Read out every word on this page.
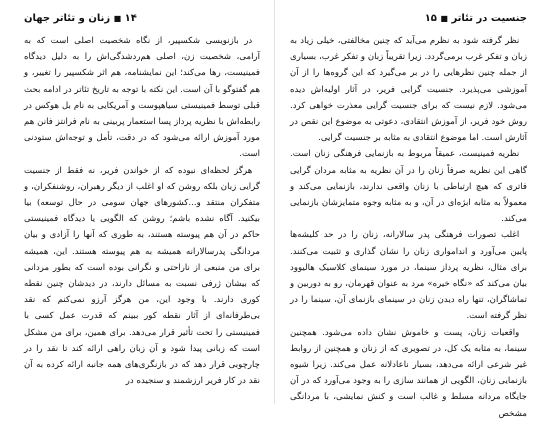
۱۴ ■ زنان و تئاتر جهان

در بازنویسی شکسپیر، از نگاه شخصیت اصلی است که به آرامی، شخصیت زن، اصلی هم‌ردشدگی‌اش را به دلیل دیدگاه فمینیست، رها می‌کند؛ این نمایشنامه، هم اثر شکسپیر را تغییر، و هم گفتوگو با آن است. این نکته با توجه به تاریخ تئاتر در ادامه بحث قبلی توسط فمینیستی سیاهپوست و آمریکایی به نام بل هوکس در رابطه‌اش با نظریه پرداز پسا استعمار پربینی به نام فرانتز فانن هم مورد آموزش ارائه می‌شود که در دقت، تأمل و توجه‌اش ستودنی است.

هرگز لحظه‌ای نبوده که از خواندن فریر، نه فقط از جنسیت گرایی زبان بلکه روشن که او اغلب از دیگر رهبران، روشنفکران، و متفکران منتقد و...کشورهای جهان سومی در حال توسعه) بیا بیکنید. آگاه نشده باشم؛ روشن که الگویی یا دیدگاه فمینیستی حاکم در آن هم پیوسته هستند، به طوری که آنها را آزادی و بیان مردانگی پدرسالارانه همیشه به هم پیوسته هستند. این، همیشه برای من منبعی از ناراحتی و نگرانی بوده است که بطور مردانی که بیشان ژرفی نسبت به مسائل دارند، در دیدشان چنین نقطه کوری دارند. با وجود این، من هرگز آرزو نمی‌کنم که نقد بی‌طرفانه‌ای از آثار نقطه کور ببینم که قدرت عمل کسی با فمینیستی را تحت تأثیر قرار می‌دهد. برای همین، برای من مشکل است که زبانی پیدا شود و آن زبان راهی ارائه کند تا نقد را در چارچوبی قرار دهد که در بازنگری‌های همه جانبه ارائه کرده به آن نقد در کار فریر ارزشمند و سنجیده در

جنسیت در تئاتر ■ ۱۵

نظر گرفته شود به نظرم می‌آید که چنین مخالفتی، خیلی زیاد به زبان و تفکر غرب برمی‌گردد. زیرا تقریباً زبان و تفکر غرب، بسیاری از جمله چنین نظرهایی را در بر می‌گیرد که این گروه‌ها را از آن آموزشی می‌پذیرد. جنسیت گرایی فریر، در آثار اولیه‌اش دیده می‌شود. لازم نیست که برای جنسیت گرایی معذرت خواهی کرد. روش خود فریر، از آموزش انتقادی، دعوتی به موضوع این نقص در آثارش است. اما موضوع انتقادی به مثابه بر جنسیت گرایی.

نظریه فمینیست، عمیقاً مربوط به بازنمایی فرهنگی زنان است. گاهی این نظریه صرفاً زنان را در آن نظریه به مثابه مردان گرایی فاتری که هیچ ارتباطی با زنان واقعی ندارند، بازنمایی می‌کند و معمولاً به مثابه ابژه‌ای در آن، و به مثابه وجوه متمایزشان بازنمایی می‌کند.

اغلب تصورات فرهنگی پدر سالارانه، زنان را در حد کلیشه‌ها پایین می‌آورد و اندامواری زنان را نشان گذاری و تثبیت می‌کنند. برای مثال، نظریه پرداز سینما، در مورد سینمای کلاسیک هالیوود بیان می‌کند که «نگاه خیره» مرد به عنوان قهرمان، رو به دوربین و تماشاگران، تنها راه دیدن زنان در سینمای بازنمای آن، سینما را در نظر گرفته است.

واقعیات زنان، پست و خاموش نشان داده می‌شود. همچنین سینما، به مثابه یک کل، در تصویری که از زنان و همچنین از روابط غیر شرعی ارائه می‌دهد، بسیار ناعادلانه عمل می‌کند. زیرا شیوه بازنمایی زنان، الگویی از همانند سازی را به وجود می‌آورد که در آن جایگاه مردانه مسلط و غالب است و کنش نمایشی، با مردانگی مشخص
